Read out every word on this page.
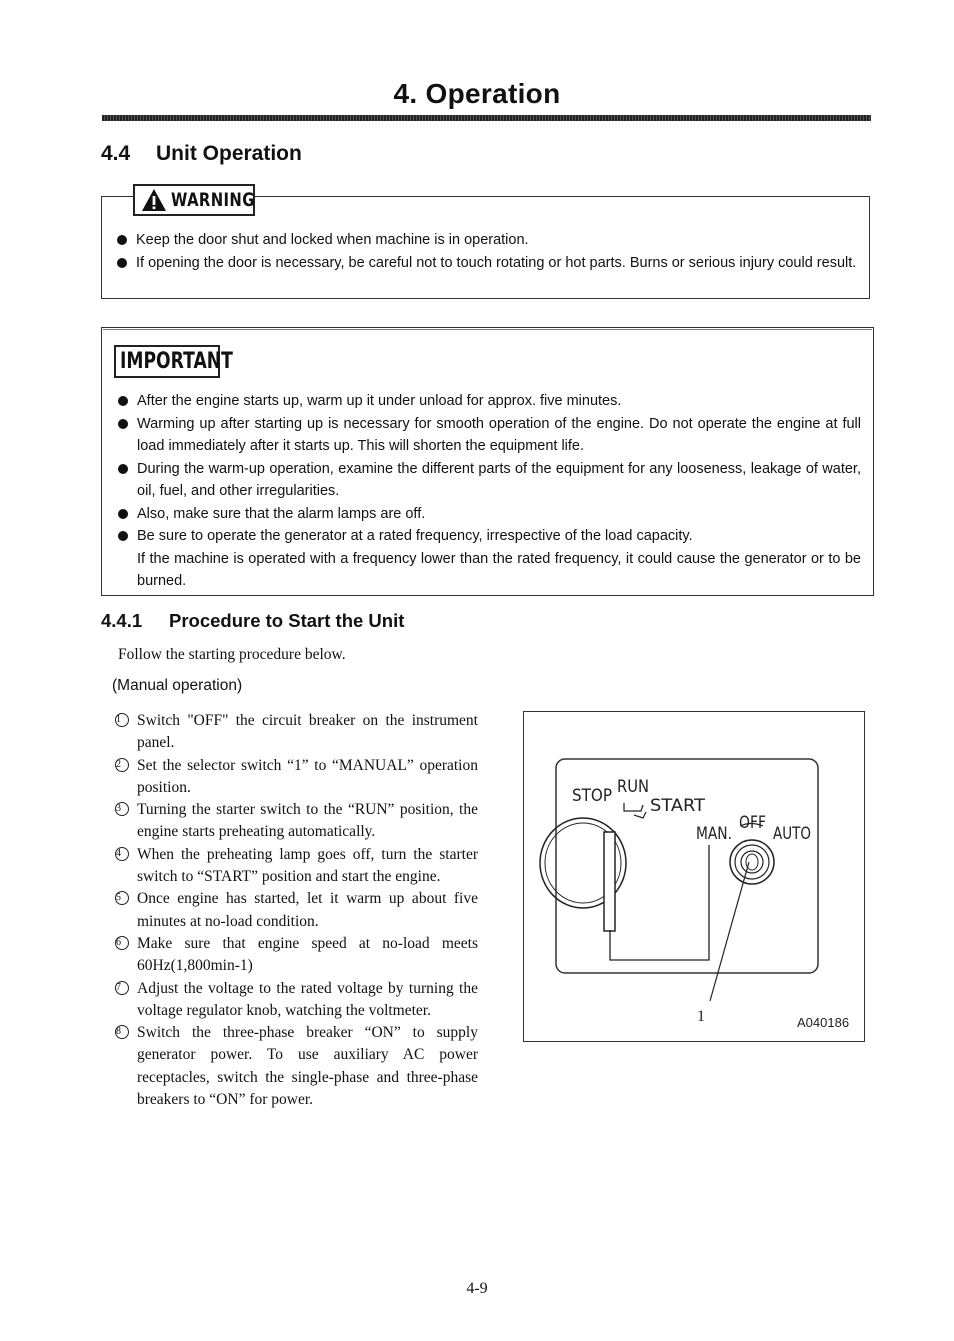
4. Operation
4.4 Unit Operation
WARNING
Keep the door shut and locked when machine is in operation.
If opening the door is necessary, be careful not to touch rotating or hot parts. Burns or serious injury could result.
IMPORTANT
After the engine starts up, warm up it under unload for approx. five minutes.
Warming up after starting up is necessary for smooth operation of the engine. Do not operate the engine at full load immediately after it starts up. This will shorten the equipment life.
During the warm-up operation, examine the different parts of the equipment for any looseness, leakage of water, oil, fuel, and other irregularities.
Also, make sure that the alarm lamps are off.
Be sure to operate the generator at a rated frequency, irrespective of the load capacity.
If the machine is operated with a frequency lower than the rated frequency, it could cause the generator or to be burned.
4.4.1 Procedure to Start the Unit
Follow the starting procedure below.
(Manual operation)
1	Switch "OFF" the circuit breaker on the instrument panel.
2	Set the selector switch “1” to “MANUAL” operation position.
3	Turning the starter switch to the “RUN” position, the engine starts preheating automatically.
4	When the preheating lamp goes off, turn the starter switch to “START” position and start the engine.
5	Once engine has started, let it warm up about five minutes at no-load condition.
6	Make sure that engine speed at no-load meets 60Hz(1,800min-1)
7	Adjust the voltage to the rated voltage by turning the voltage regulator knob, watching the voltmeter.
8	Switch the three-phase breaker “ON” to supply generator power. To use auxiliary AC power receptacles, switch the single-phase and three-phase breakers to “ON” for power.
STOP RUN
START
MAN.
OFF
AUTO
1	A040186
4-9
